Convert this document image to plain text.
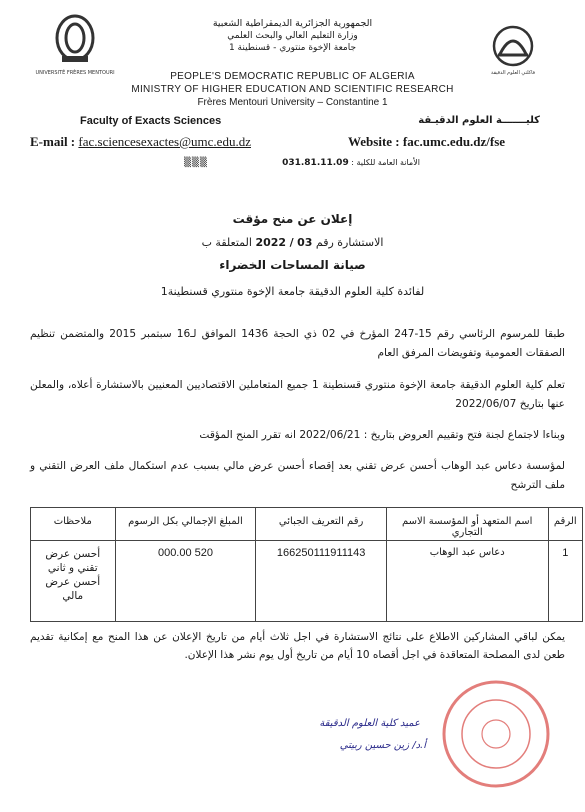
UNIVERSITÉ FRÈRES MENTOURI	فاكلتي العلوم الدقيقة
الجمهورية الجزائرية الديمقراطية الشعبية
وزارة التعليم العالي والبحث العلمي
جامعة الإخوة منتوري - قسنطينة 1
PEOPLE'S DEMOCRATIC REPUBLIC OF ALGERIA
MINISTRY OF HIGHER EDUCATION AND SCIENTIFIC RESEARCH
Frères Mentouri University – Constantine 1
Faculty of Exacts Sciences	كليـــــــة العلوم الدقيـقة
E-mail : fac.sciencesexactes@umc.edu.dz	Website : fac.umc.edu.dz/fse
▒▒▒	الأمانة العامة للكلية : 031.81.11.09
إعلان عن منح مؤقت
الاستشارة رقم 03 / 2022 المتعلقة ب
صيانة المساحات الخضراء
لفائدة كلية العلوم الدقيقة جامعة الإخوة منتوري قسنطينة1
طبقا للمرسوم الرئاسي رقم 15-247 المؤرخ في 02 ذي الحجة 1436 الموافق لـ16 سبتمبر 2015 والمتضمن تنظيم الصفقات العمومية وتفويضات المرفق العام
تعلم كلية العلوم الدقيقة جامعة الإخوة منتوري قسنطينة 1 جميع المتعاملين الاقتصاديين المعنيين بالاستشارة أعلاه، والمعلن عنها بتاريخ 2022/06/07
وبناءا لاجتماع لجنة فتح وتقييم العروض بتاريخ : 2022/06/21 انه تقرر المنح المؤقت
لمؤسسة دعاس عبد الوهاب أحسن عرض تقني بعد إقصاء أحسن عرض مالي بسبب عدم استكمال ملف العرض التقني و ملف الترشح
الرقم	اسم المتعهد أو المؤسسة الاسم التجاري	رقم التعريف الجبائي	المبلغ الإجمالي بكل الرسوم	ملاحظات
1	دعاس عبد الوهاب	166250111911143	520 000.00	أحسن عرض تقني و ثاني أحسن عرض مالي
يمكن لباقي المشاركين الاطلاع على نتائج الاستشارة في اجل ثلاث أيام من تاريخ الإعلان عن هذا المنح مع إمكانية تقديم طعن لدى المصلحة المتعاقدة في اجل أقصاه 10 أيام من تاريخ أول يوم نشر هذا الإعلان.
عميد كلية العلوم الدقيقة
أ.د/ زين حسين ربيتي
